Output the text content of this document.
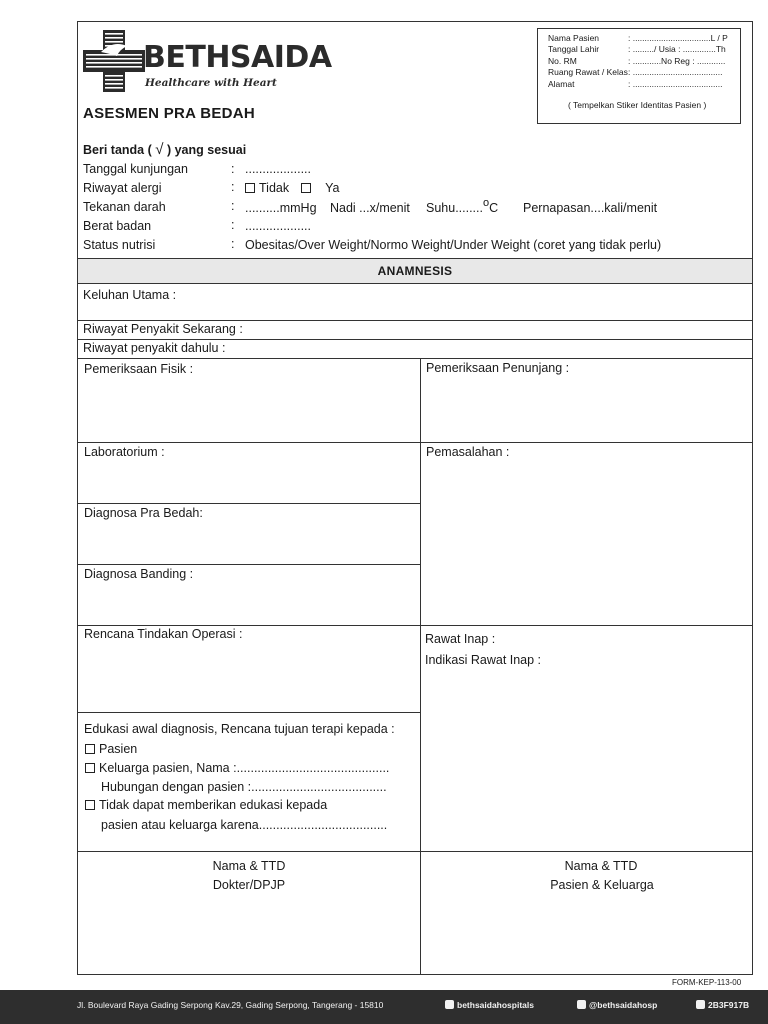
BETHSAIDA
Healthcare with Heart
Nama Pasien	: .................................L / P
Tanggal Lahir	: ........./ Usia : ..............Th
No. RM	: ............No Reg : ............
Ruang Rawat / Kelas : ......................................
Alamat	: ......................................
( Tempelkan Stiker Identitas Pasien )
ASESMEN PRA BEDAH
Beri tanda ( √ ) yang sesuai
Tanggal kunjungan	: ...................
Riwayat alergi	:	Tidak	Ya
Tekanan darah	: ..........mmHg Nadi ...x/menit Suhu........oC Pernapasan....kali/menit
Berat badan	: ...................
Status nutrisi	: Obesitas/Over Weight/Normo Weight/Under Weight (coret yang tidak perlu)
ANAMNESIS
Keluhan Utama :
Riwayat Penyakit Sekarang :
Riwayat penyakit dahulu :
Pemeriksaan Fisik :	Pemeriksaan Penunjang :
Laboratorium :	Pemasalahan :
Diagnosa Pra Bedah:
Diagnosa Banding :
Rencana Tindakan Operasi :	Rawat Inap :
Indikasi Rawat Inap :
Edukasi awal diagnosis, Rencana tujuan terapi kepada :
Pasien
Keluarga pasien, Nama :............................................
Hubungan dengan pasien :.......................................
Tidak dapat memberikan edukasi kepada
pasien atau keluarga karena.....................................
Nama & TTD
Dokter/DPJP
Nama & TTD
Pasien & Keluarga
FORM-KEP-113-00
Jl. Boulevard Raya Gading Serpong Kav.29, Gading Serpong, Tangerang - 15810	bethsaidahospitals	@bethsaidahosp	2B3F917B
